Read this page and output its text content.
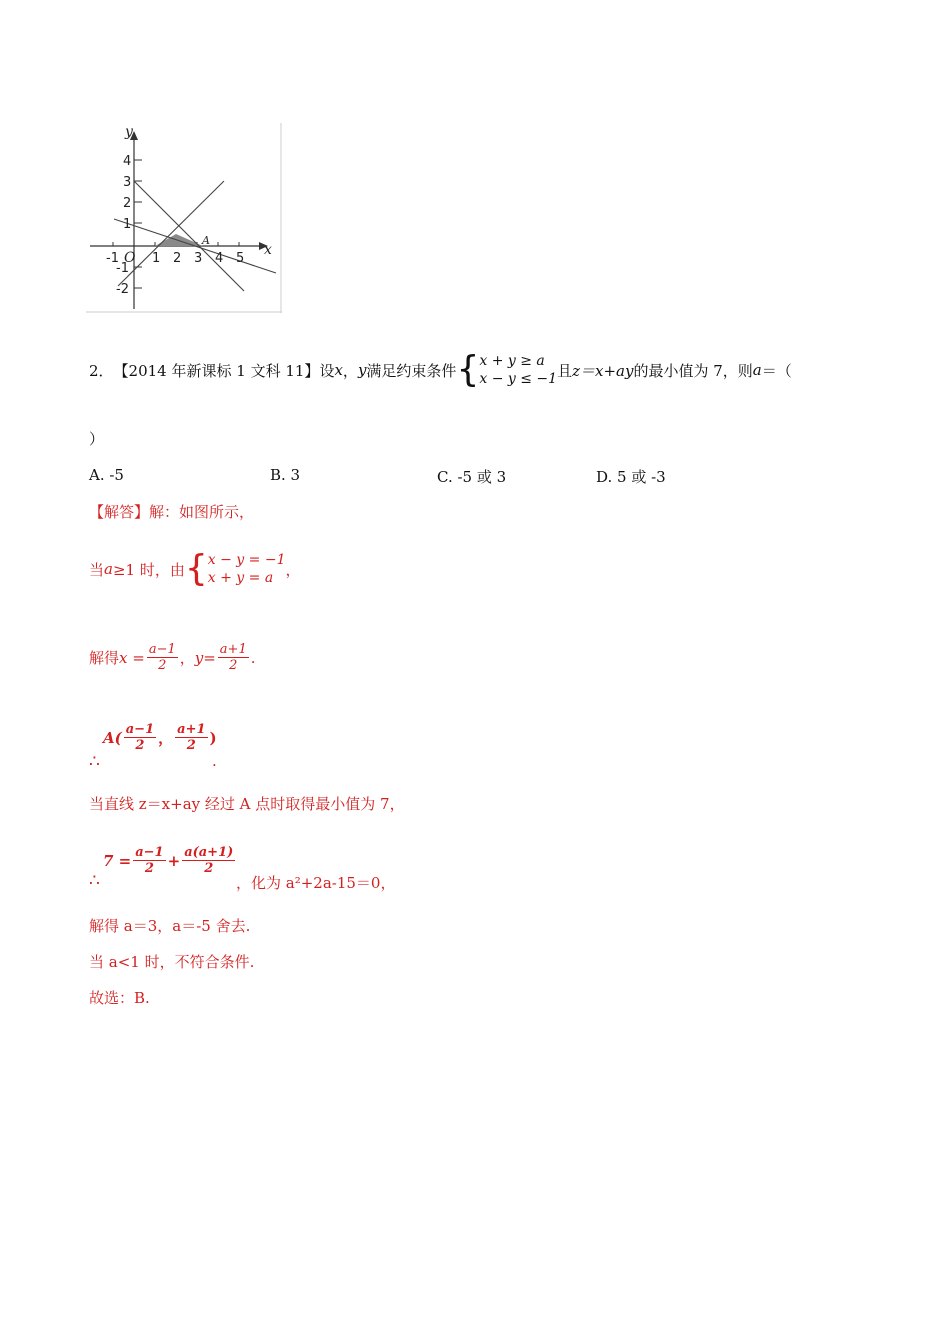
y
x
O
A
-1	1 2 3 4 5
4
3
2
1
-1
-2
2． 【2014 年新课标 1 文科 11】 设 x ， y 满足约束条件 { x + y ≥ a
x − y ≤ −1 且 z＝x+ay 的最小值为 7，则 a ＝（
）
A. ‐5	B. 3	C. ‐5 或 3	D. 5 或 ‐3
【解答】解：如图所示，
当 a ≥1 时，由 { x − y = −1
x + y = a ，
解得 $x = \frac{a-1}{2}$ ， $y= \frac{a+1}{2}$ .
∴
$A( \frac{a-1}{2}$ ， $\frac{a+1}{2}$ )
.
当直线 z＝x+ay 经过 A 点时取得最小值为 7，
∴
$7 = \frac{a-1}{2} + \frac{a(a+1)}{2}$
，化为 a²+2a‐15＝0，
解得 a＝3，a＝‐5 舍去.
当 a<1 时，不符合条件.
故选：B.
